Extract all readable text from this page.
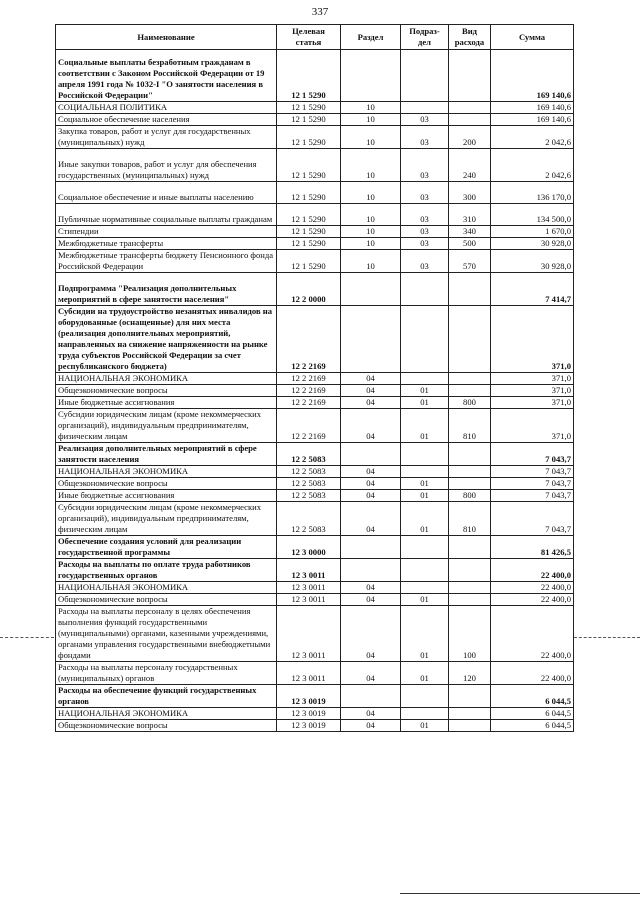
337
Наименование	Целевая статья	Раздел	Подраз-дел	Вид расхода	Сумма
Социальные выплаты безработным гражданам в соответствии с Законом Российской Федерации от 19 апреля 1991 года № 1032-I "О занятости населения в Российской Федерации"	12 1 5290				169 140,6
СОЦИАЛЬНАЯ ПОЛИТИКА	12 1 5290	10			169 140,6
Социальное обеспечение населения	12 1 5290	10	03		169 140,6
Закупка товаров, работ и услуг для государственных (муниципальных) нужд	12 1 5290	10	03	200	2 042,6
Иные закупки товаров, работ и услуг для обеспечения государственных (муниципальных) нужд	12 1 5290	10	03	240	2 042,6
Социальное обеспечение и иные выплаты населению	12 1 5290	10	03	300	136 170,0
Публичные нормативные социальные выплаты гражданам	12 1 5290	10	03	310	134 500,0
Стипендии	12 1 5290	10	03	340	1 670,0
Межбюджетные трансферты	12 1 5290	10	03	500	30 928,0
Межбюджетные трансферты бюджету Пенсионного фонда Российской Федерации	12 1 5290	10	03	570	30 928,0
Подпрограмма "Реализация дополнительных мероприятий в сфере занятости населения"	12 2 0000				7 414,7
Субсидии на трудоустройство незанятых инвалидов на оборудованные (оснащенные) для них места (реализация дополнительных мероприятий, направленных на снижение напряженности на рынке труда субъектов Российской Федерации за счет республиканского бюджета)	12 2 2169				371,0
НАЦИОНАЛЬНАЯ ЭКОНОМИКА	12 2 2169	04			371,0
Общеэкономические вопросы	12 2 2169	04	01		371,0
Иные бюджетные ассигнования	12 2 2169	04	01	800	371,0
Субсидии юридическим лицам (кроме некоммерческих организаций), индивидуальным предпринимателям, физическим лицам	12 2 2169	04	01	810	371,0
Реализация дополнительных мероприятий в сфере занятости населения	12 2 5083				7 043,7
НАЦИОНАЛЬНАЯ ЭКОНОМИКА	12 2 5083	04			7 043,7
Общеэкономические вопросы	12 2 5083	04	01		7 043,7
Иные бюджетные ассигнования	12 2 5083	04	01	800	7 043,7
Субсидии юридическим лицам (кроме некоммерческих организаций), индивидуальным предпринимателям, физическим лицам	12 2 5083	04	01	810	7 043,7
Обеспечение создания условий для реализации государственной программы	12 3 0000				81 426,5
Расходы на выплаты по оплате труда работников государственных органов	12 3 0011				22 400,0
НАЦИОНАЛЬНАЯ ЭКОНОМИКА	12 3 0011	04			22 400,0
Общеэкономические вопросы	12 3 0011	04	01		22 400,0
Расходы на выплаты персоналу в целях обеспечения выполнения функций государственными (муниципальными) органами, казенными учреждениями, органами управления государственными внебюджетными фондами	12 3 0011	04	01	100	22 400,0
Расходы на выплаты персоналу государственных (муниципальных) органов	12 3 0011	04	01	120	22 400,0
Расходы на обеспечение функций государственных органов	12 3 0019				6 044,5
НАЦИОНАЛЬНАЯ ЭКОНОМИКА	12 3 0019	04			6 044,5
Общеэкономические вопросы	12 3 0019	04	01		6 044,5
